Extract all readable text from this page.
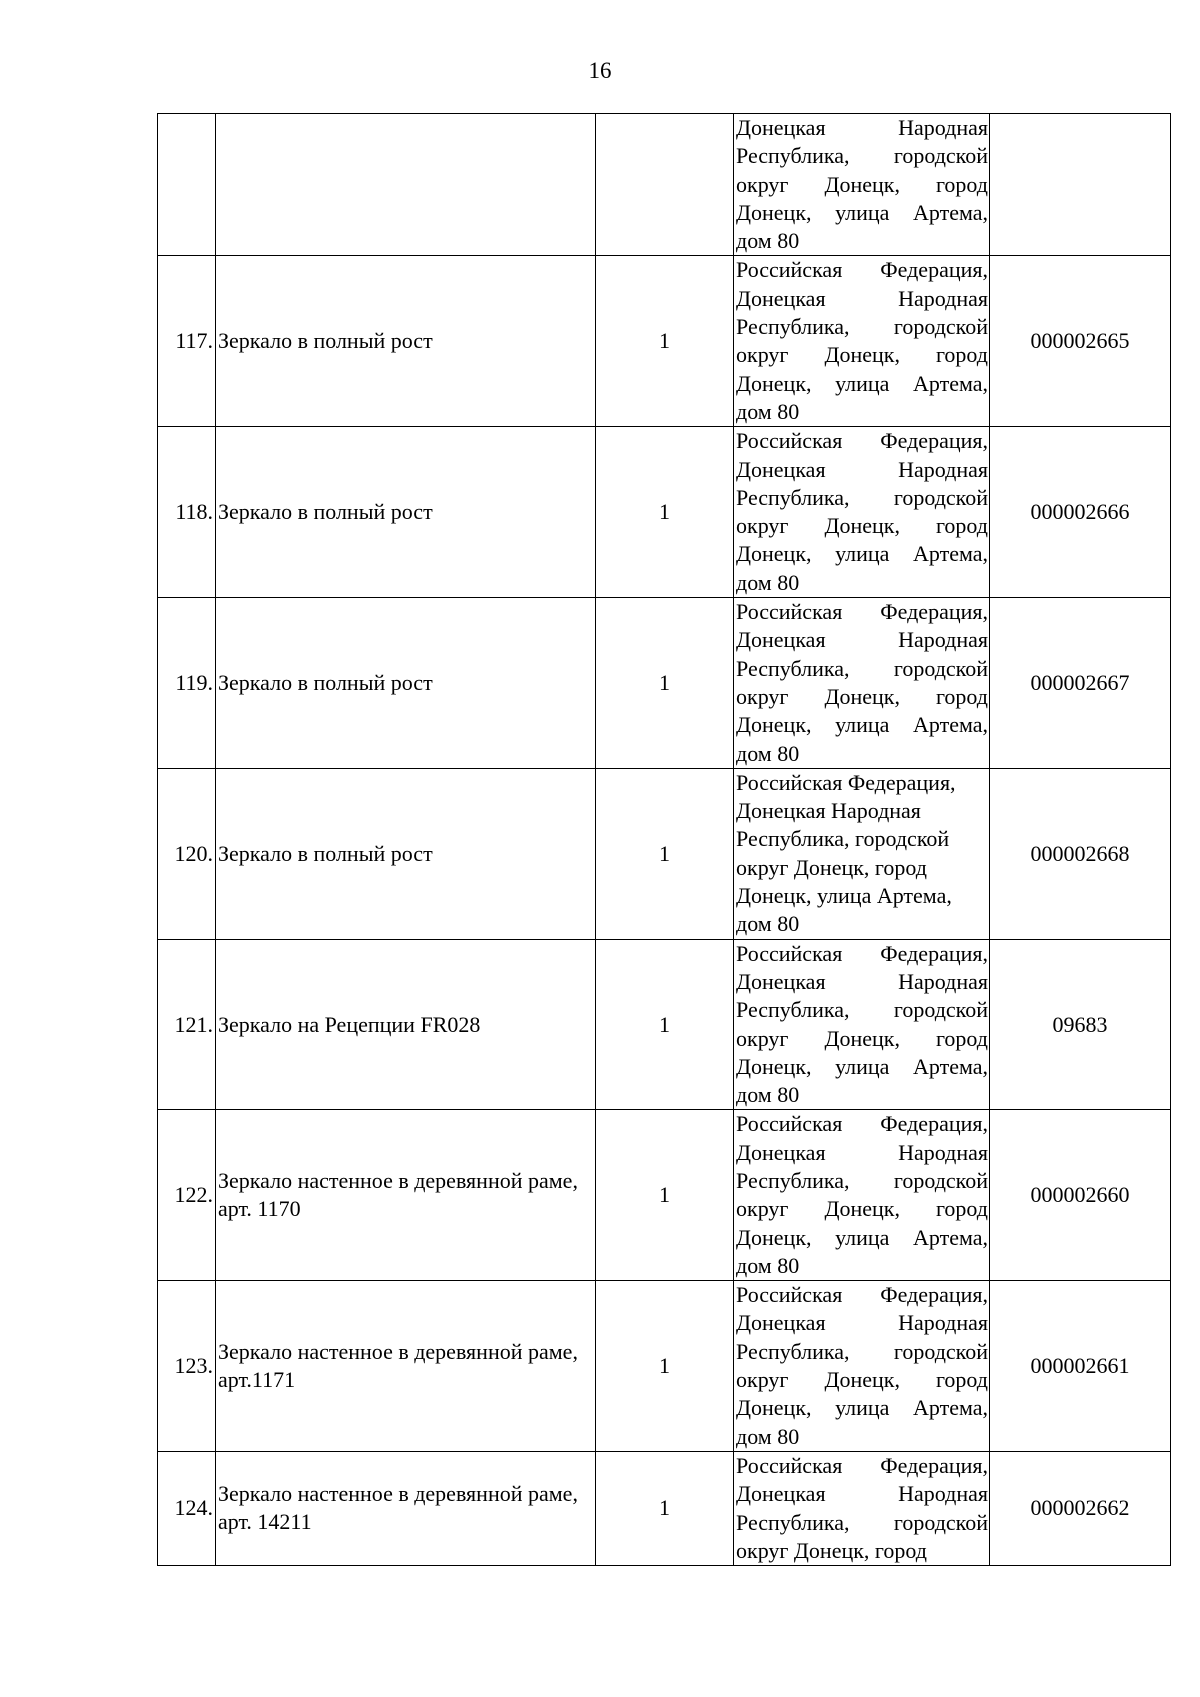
16

			Донецкая Народная Республика, городской округ Донецк, город Донецк, улица Артема, дом 80	

117.	Зеркало в полный рост	1	Российская Федерация, Донецкая Народная Республика, городской округ Донецк, город Донецк, улица Артема, дом 80	000002665
118.	Зеркало в полный рост	1	Российская Федерация, Донецкая Народная Республика, городской округ Донецк, город Донецк, улица Артема, дом 80	000002666
119.	Зеркало в полный рост	1	Российская Федерация, Донецкая Народная Республика, городской округ Донецк, город Донецк, улица Артема, дом 80	000002667
120.	Зеркало в полный рост	1	Российская Федерация, Донецкая Народная Республика, городской округ Донецк, город Донецк, улица Артема, дом 80	000002668
121.	Зеркало на Рецепции FR028	1	Российская Федерация, Донецкая Народная Республика, городской округ Донецк, город Донецк, улица Артема, дом 80	09683
122.	Зеркало настенное в деревянной раме, арт. 1170	1	Российская Федерация, Донецкая Народная Республика, городской округ Донецк, город Донецк, улица Артема, дом 80	000002660
123.	Зеркало настенное в деревянной раме, арт.1171	1	Российская Федерация, Донецкая Народная Республика, городской округ Донецк, город Донецк, улица Артема, дом 80	000002661
124.	Зеркало настенное в деревянной раме, арт. 14211	1	Российская Федерация, Донецкая Народная Республика, городской округ Донецк, город	000002662
